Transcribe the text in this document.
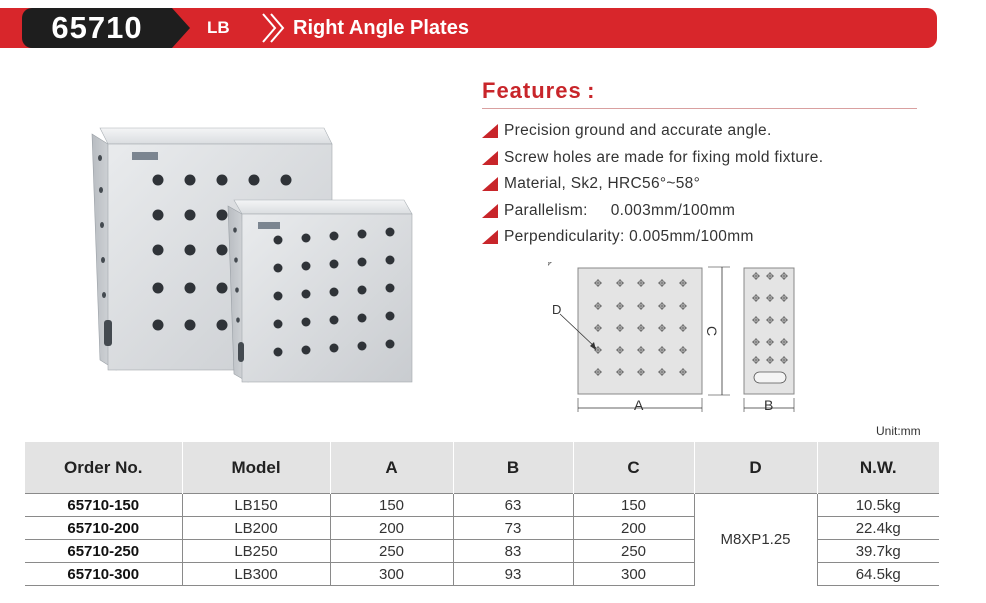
65710	LB	Right Angle Plates
Features :
Precision ground and accurate angle.
Screw holes are made for fixing mold fixture.
Material, Sk2, HRC56°~58°
Parallelism:     0.003mm/100mm
Perpendicularity: 0.005mm/100mm
D
C
A	B
Unit:mm
Order No.	Model	A	B	C	D	N.W.
65710-150	LB150	150	63	150	M8XP1.25	10.5kg
65710-200	LB200	200	73	200		22.4kg
65710-250	LB250	250	83	250		39.7kg
65710-300	LB300	300	93	300		64.5kg
